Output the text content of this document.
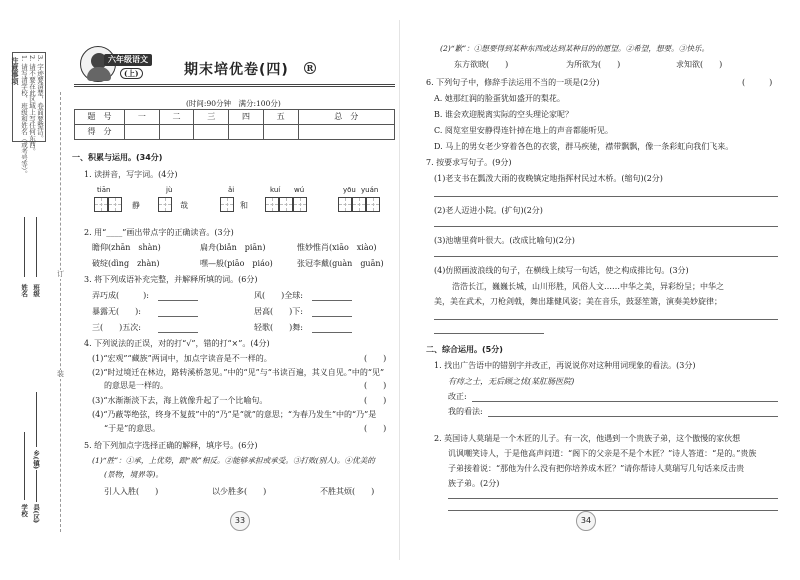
注意事项 1. 请写清学校、班级和姓名（或考号等）。 2. 请不要在此区域上写任何东西。 3. 字迹要清楚，卷面要整洁。
班级
姓名
乡(镇)
县(区)
学校
订
装
六年级语文
(上)	期末培优卷(四)	R
(时间:90分钟　满分:100分)
题　号	一	二	三	四	五	总　分
得　分						
一、积累与运用。(34分)
1. 读拼音，写字词。(4分)
tiān	jù	ǎi	kuí wú	yōu yuán
静	哉	和
2. 用“____”画出带点字的正确读音。(3分)
瞻仰(zhān　shàn)	扁舟(biǎn　piān)	惟妙惟肖(xiāo　xiào)
破绽(dìng　zhàn)	嘿—般(piāo　piáo)	张冠李戴(guàn　guān)
3. 将下列成语补充完整，并解释所填的词。(6分)
弄巧成(　　　):	风(　　)全球:
暴露无(　　):	居高(　　)下:
三(　　)五次:	轻歌(　　)舞:
4. 下列说法的正误，对的打“√”，错的打“×”。(4分)
(1)“宏观”“藏族”两词中，加点字读音是不一样的。	(　　)
(2)“时过境迁在林边，路转溪桥忽见。”中的“见”与“书读百遍，其义自见。”中的“见”
的意思是一样的。	(　　)
(3)“水渐渐淡下去，海上就像升起了一个比喻句。	(　　)
(4)“乃蔽等绝弦，终身不复鼓”中的“乃”是“就”的意思；“为春乃发生”中的“乃”是
“于是”的意思。	(　　)
5. 给下列加点字选择正确的解释，填序号。(6分)
(1)“胜”：①承，上优势，跟“败”相反。②能够承担或承受。③打败(别人)。④优美的
(景物，境界等)。
引人入胜(　　)	以少胜多(　　)	不胜其烦(　　)
33
(2)“歉”：①想要得到某种东西或达到某种目的的愿望。②希望，想要。③快乐。
东方欲晓(　　)	为所欲为(　　)	求知欲(　　)
6. 下列句子中，修辞手法运用不当的一项是(2分)	(　　　)
A. 她那红润的脸蛋犹如盛开的梨花。
B. 谁会欢迎脱离实际的空头理论家呢？
C. 阅览室里安静得连针掉在地上的声音都能听见。
D. 马上的男女老少穿着各色的衣裳，群马疾驰，襟带飘飘，像一条彩虹向我们飞来。
7. 按要求写句子。(9分)
(1)老支书在瓢泼大雨的夜晚镇定地指挥村民过木桥。(缩句)(2分)
(2)老人迈进小院。(扩句)(2分)
(3)池塘里荷叶很大。(改成比喻句)(2分)
(4)仿照画波浪线的句子，在横线上续写一句话，使之构成排比句。(3分)
浩浩长江，巍巍长城，山川形胜，风俗人文……中华之美，异彩纷呈；中华之
美，美在武术，刀枪剑戟，舞出雄健风姿；美在音乐，鼓瑟笙箫，演奏美妙旋律；
二、综合运用。(5分)
1. 找出广告语中的错别字并改正，再说说你对这种用词现象的看法。(3分)
有痔之士，无后顾之忧(某肛肠医院)
改正:
我的看法:
2. 英国诗人莫瑞是一个木匠的儿子。有一次，他遇到一个贵族子弟，这个傲慢的家伙想
讥讽嘲笑诗人，于是他高声问道：“阁下的父亲是不是个木匠？”诗人答道：“是的。”贵族
子弟接着说：“那他为什么没有把你培养成木匠？”请你帮诗人莫瑞写几句话来反击贵
族子弟。(2分)
34
